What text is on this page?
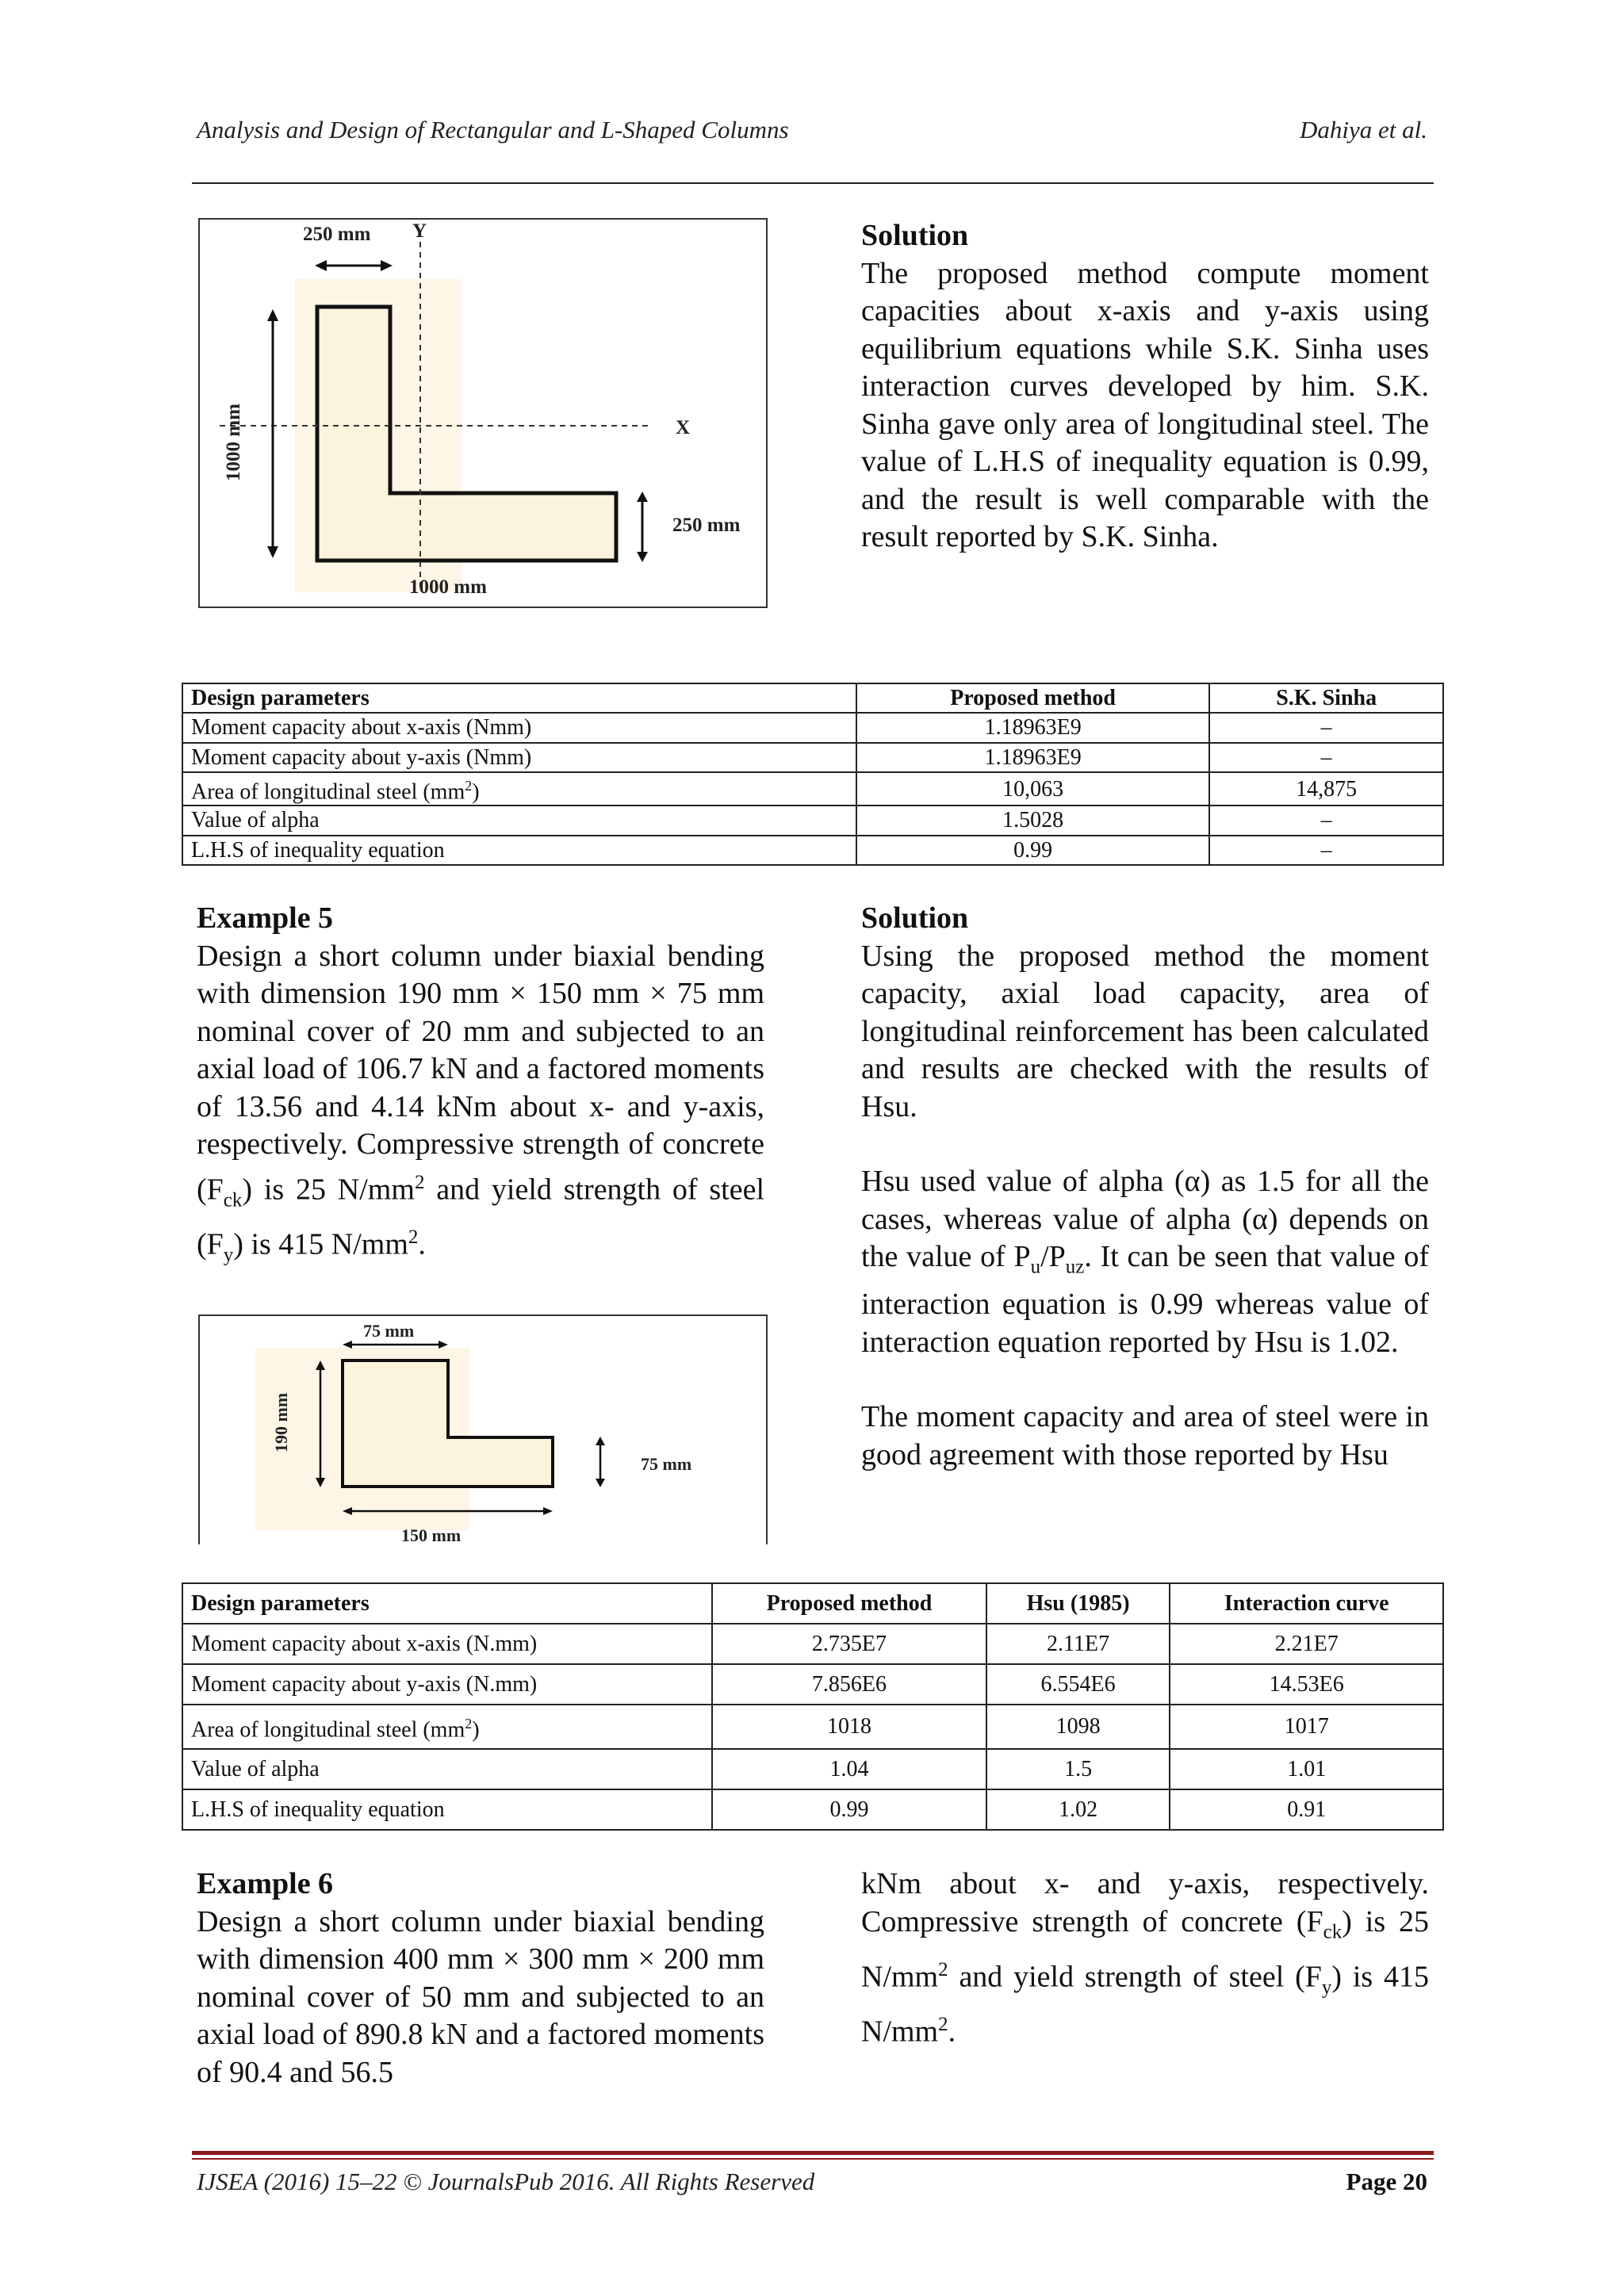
Analysis and Design of Rectangular and L-Shaped Columns	Dahiya et al.
250 mm Y
X
1000 mm
250 mm
1000 mm
Solution

The proposed method compute moment capacities about x-axis and y-axis using equilibrium equations while S.K. Sinha uses interaction curves developed by him. S.K. Sinha gave only area of longitudinal steel. The value of L.H.S of inequality equation is 0.99, and the result is well comparable with the result reported by S.K. Sinha.

Design parameters	Proposed method	S.K. Sinha
Moment capacity about x-axis (Nmm)	1.18963E9	–
Moment capacity about y-axis (Nmm)	1.18963E9	–
Area of longitudinal steel $(mm^2)$	10,063	14,875
Value of alpha	1.5028	–
L.H.S of inequality equation	0.99	–
Example 5

Design a short column under biaxial bending with dimension 190 mm × 150 mm × 75 mm nominal cover of 20 mm and subjected to an axial load of 106.7 kN and a factored moments of 13.56 and 4.14 kNm about x- and y-axis, respectively. Compressive strength of concrete $(F_{ck})$ is 25 $N/mm^2$ and yield strength of steel $(F_y)$ is 415 $N/mm^2$.

75 mm
190 mm
75 mm
150 mm
Solution

Using the proposed method the moment capacity, axial load capacity, area of longitudinal reinforcement has been calculated and results are checked with the results of Hsu.

Hsu used value of alpha (α) as 1.5 for all the cases, whereas value of alpha (α) depends on the value of $P_u/P_{uz}$. It can be seen that value of interaction equation is 0.99 whereas value of interaction equation reported by Hsu is 1.02.

The moment capacity and area of steel were in good agreement with those reported by Hsu

Design parameters	Proposed method	Hsu (1985)	Interaction curve
Moment capacity about x-axis (N.mm)	2.735E7	2.11E7	2.21E7
Moment capacity about y-axis (N.mm)	7.856E6	6.554E6	14.53E6
Area of longitudinal steel $(mm^2)$	1018	1098	1017
Value of alpha	1.04	1.5	1.01
L.H.S of inequality equation	0.99	1.02	0.91
Example 6

Design a short column under biaxial bending with dimension 400 mm × 300 mm × 200 mm nominal cover of 50 mm and subjected to an axial load of 890.8 kN and a factored moments of 90.4 and 56.5

kNm about x- and y-axis, respectively. Compressive strength of concrete $(F_{ck})$ is 25 $N/mm^2$ and yield strength of steel $(F_y)$ is 415 $N/mm^2$.

IJSEA (2016) 15–22 © JournalsPub 2016. All Rights Reserved	Page 20
